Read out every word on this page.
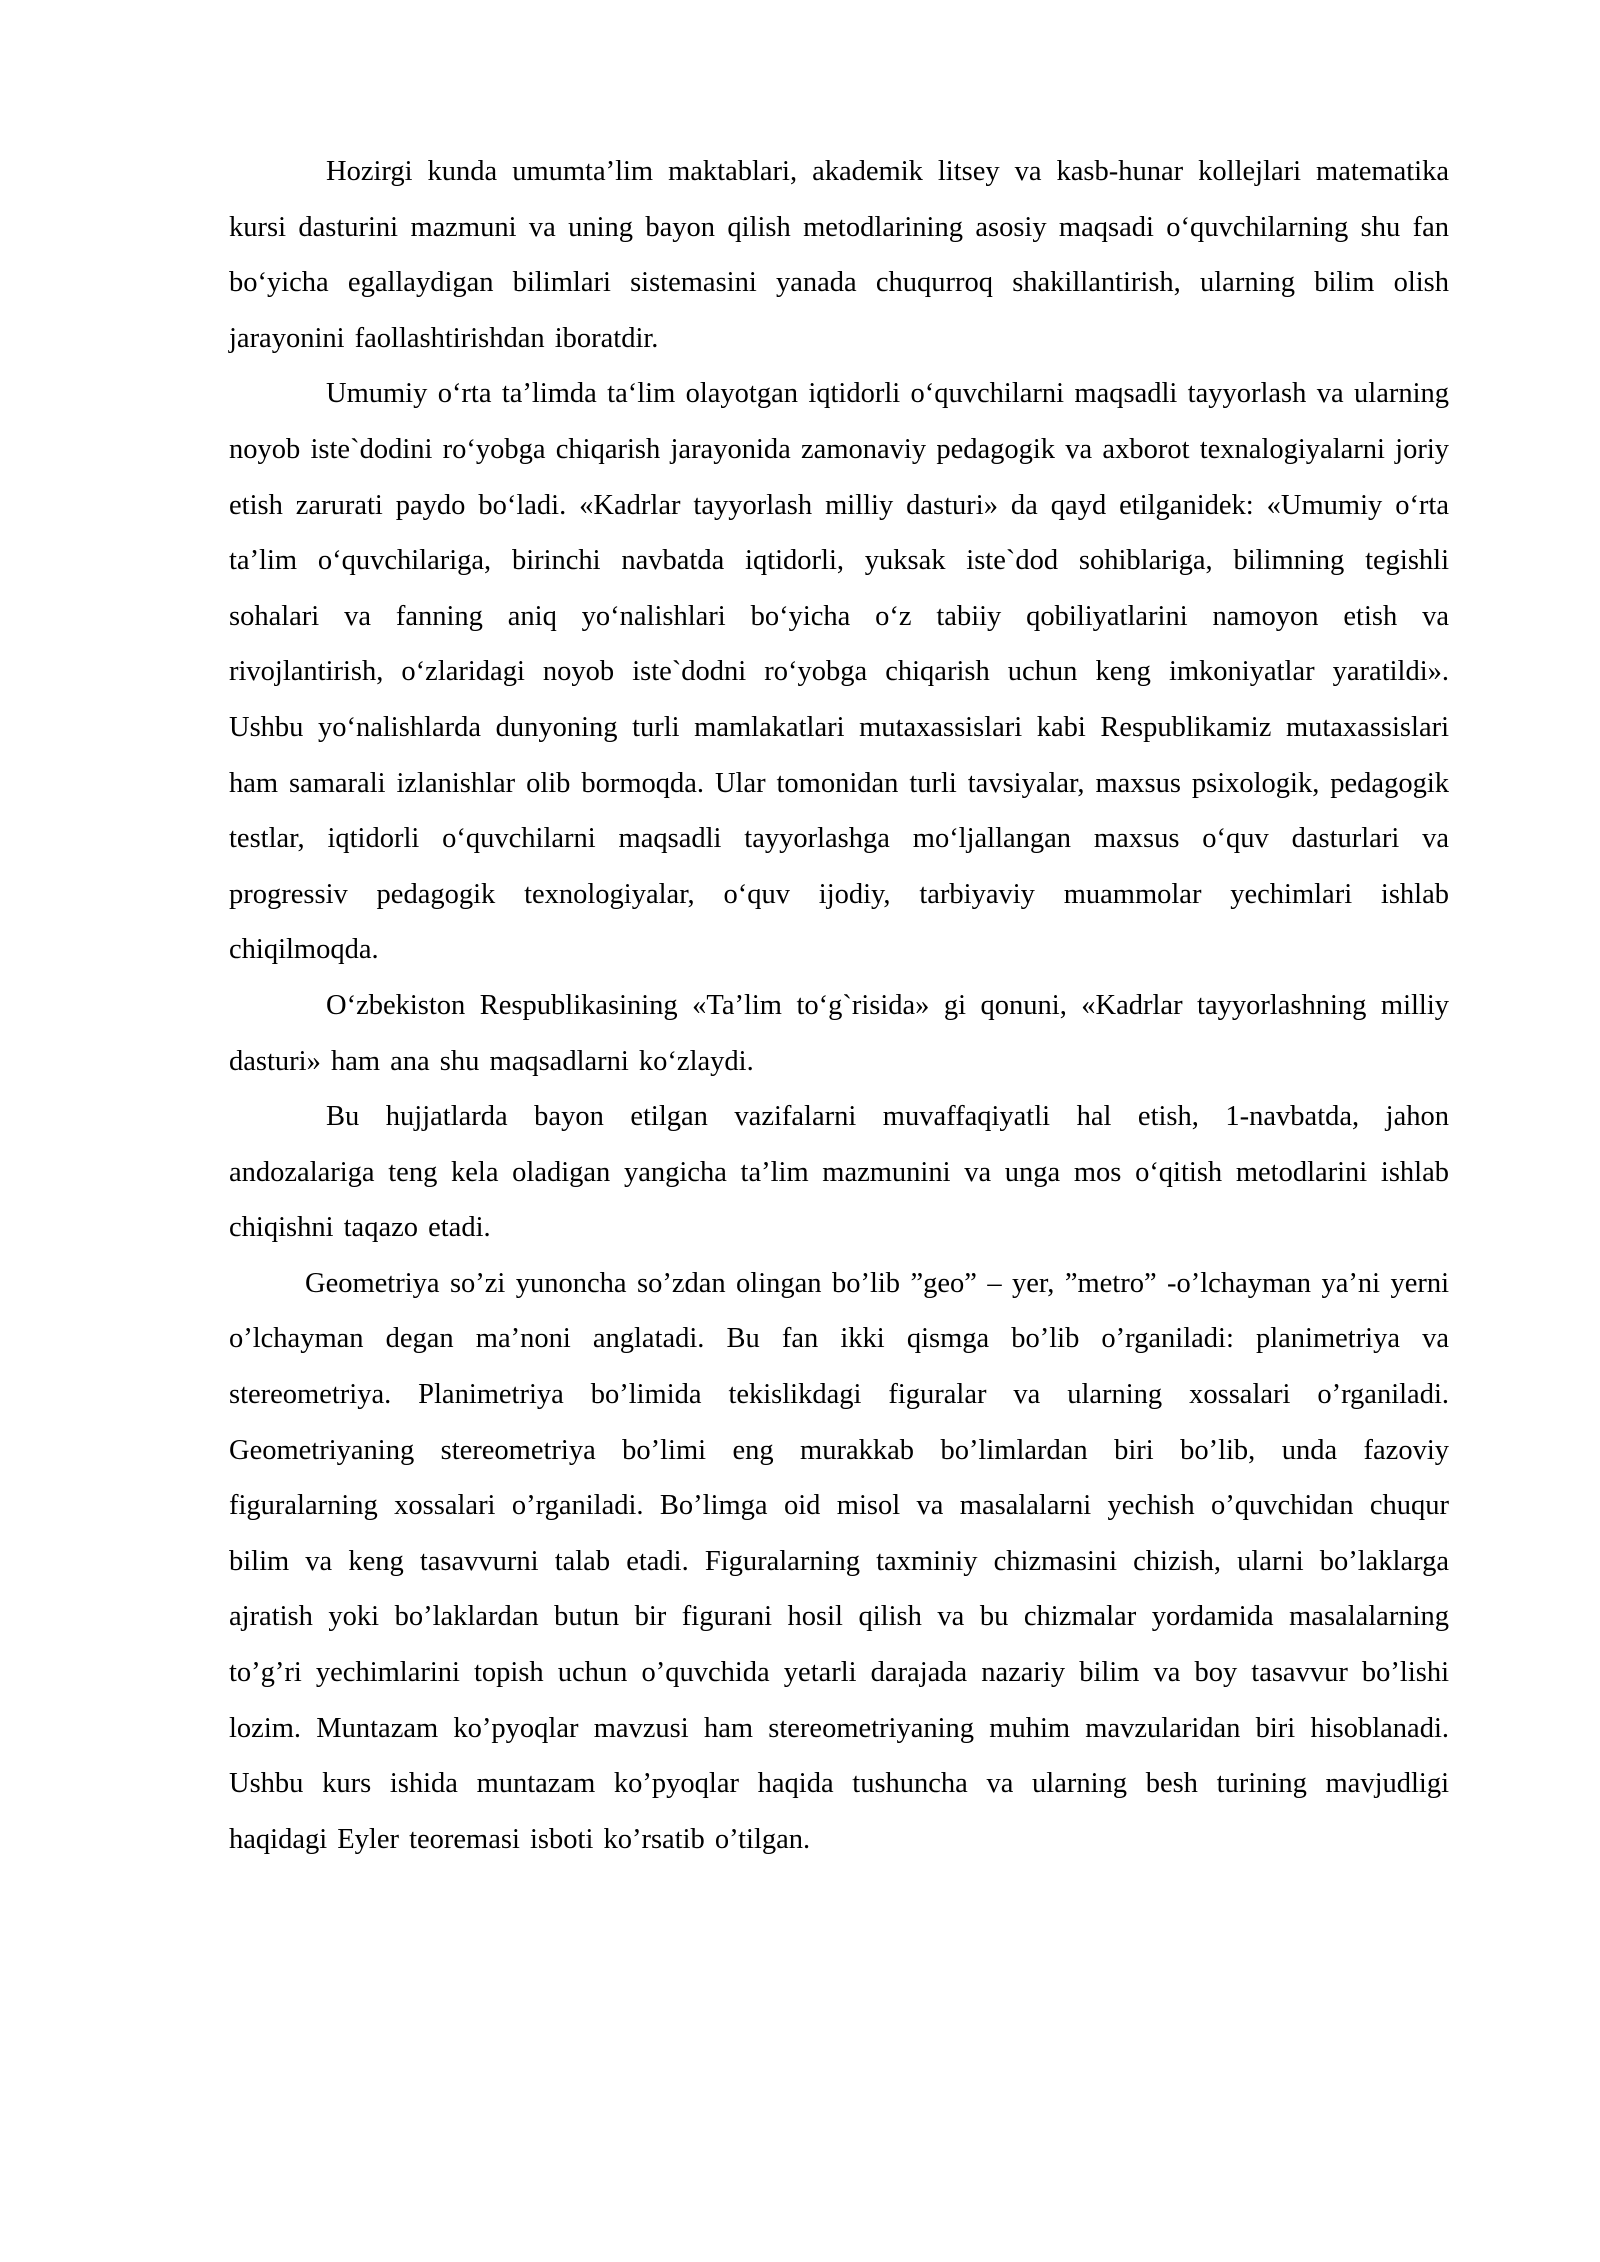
Hozirgi kunda umumta’lim maktablari, akademik litsey va kasb-hunar kollejlari matematika kursi dasturini mazmuni va uning bayon qilish metodlarining asosiy maqsadi o‘quvchilarning shu fan bo‘yicha egallaydigan bilimlari sistemasini yanada chuqurroq shakillantirish, ularning bilim olish jarayonini faollashtirishdan iboratdir.

Umumiy o‘rta ta’limda ta‘lim olayotgan iqtidorli o‘quvchilarni maqsadli tayyorlash va ularning noyob iste`dodini ro‘yobga chiqarish jarayonida zamonaviy pedagogik va axborot texnalogiyalarni joriy etish zarurati paydo bo‘ladi. «Kadrlar tayyorlash milliy dasturi» da qayd etilganidek: «Umumiy o‘rta ta’lim o‘quvchilariga, birinchi navbatda iqtidorli, yuksak iste`dod sohiblariga, bilimning tegishli sohalari va fanning aniq yo‘nalishlari bo‘yicha o‘z tabiiy qobiliyatlarini namoyon etish va rivojlantirish, o‘zlaridagi noyob iste`dodni ro‘yobga chiqarish uchun keng imkoniyatlar yaratildi». Ushbu yo‘nalishlarda dunyoning turli mamlakatlari mutaxassislari kabi Respublikamiz mutaxassislari ham samarali izlanishlar olib bormoqda. Ular tomonidan turli tavsiyalar, maxsus psixologik, pedagogik testlar, iqtidorli o‘quvchilarni maqsadli tayyorlashga mo‘ljallangan maxsus o‘quv dasturlari va progressiv pedagogik texnologiyalar, o‘quv ijodiy, tarbiyaviy muammolar yechimlari ishlab chiqilmoqda.

O‘zbekiston Respublikasining «Ta’lim to‘g`risida» gi qonuni, «Kadrlar tayyorlashning milliy dasturi» ham ana shu maqsadlarni ko‘zlaydi.

Bu hujjatlarda bayon etilgan vazifalarni muvaffaqiyatli hal etish, 1-navbatda, jahon andozalariga teng kela oladigan yangicha ta’lim mazmunini va unga mos o‘qitish metodlarini ishlab chiqishni taqazo etadi.

Geometriya so’zi yunoncha so’zdan olingan bo’lib ”geo” – yer, ”metro” -o’lchayman ya’ni yerni o’lchayman degan ma’noni anglatadi. Bu fan ikki qismga bo’lib o’rganiladi: planimetriya va stereometriya. Planimetriya bo’limida tekislikdagi figuralar va ularning xossalari o’rganiladi. Geometriyaning stereometriya bo’limi eng murakkab bo’limlardan biri bo’lib, unda fazoviy figuralarning xossalari o’rganiladi. Bo’limga oid misol va masalalarni yechish o’quvchidan chuqur bilim va keng tasavvurni talab etadi. Figuralarning taxminiy chizmasini chizish, ularni bo’laklarga ajratish yoki bo’laklardan butun bir figurani hosil qilish va bu chizmalar yordamida masalalarning to’g’ri yechimlarini topish uchun o’quvchida yetarli darajada nazariy bilim va boy tasavvur bo’lishi lozim. Muntazam ko’pyoqlar mavzusi ham stereometriyaning muhim mavzularidan biri hisoblanadi. Ushbu kurs ishida muntazam ko’pyoqlar haqida tushuncha va ularning besh turining mavjudligi haqidagi Eyler teoremasi isboti ko’rsatib o’tilgan.
